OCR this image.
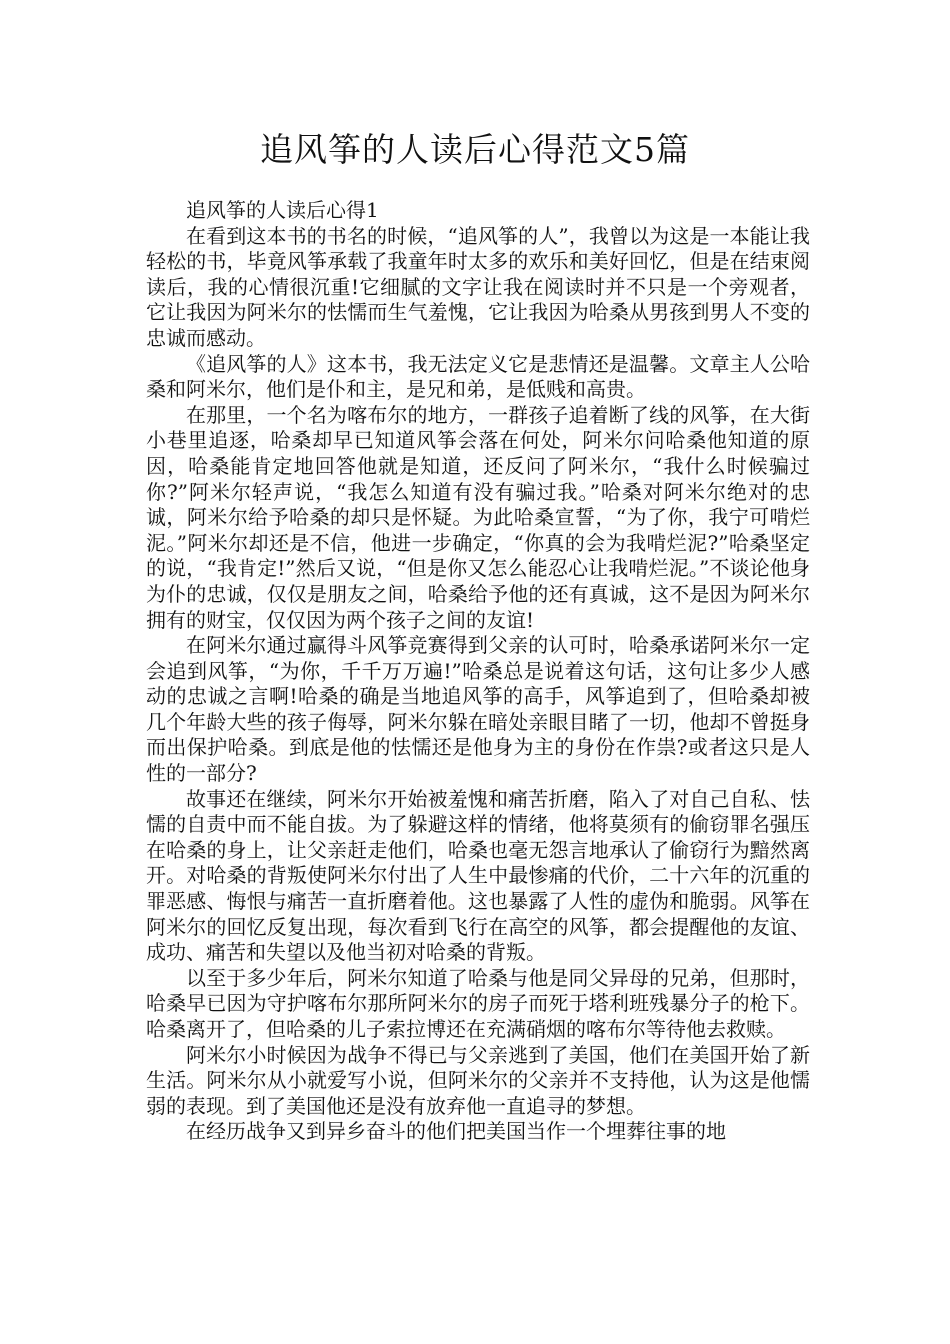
追风筝的人读后心得范文5篇

追风筝的人读后心得1

在看到这本书的书名的时候，“追风筝的人”，我曾以为这是一本能让我轻松的书，毕竟风筝承载了我童年时太多的欢乐和美好回忆，但是在结束阅读后，我的心情很沉重!它细腻的文字让我在阅读时并不只是一个旁观者，它让我因为阿米尔的怯懦而生气羞愧，它让我因为哈桑从男孩到男人不变的忠诚而感动。

《追风筝的人》这本书，我无法定义它是悲情还是温馨。文章主人公哈桑和阿米尔，他们是仆和主，是兄和弟，是低贱和高贵。

在那里，一个名为喀布尔的地方，一群孩子追着断了线的风筝，在大街小巷里追逐，哈桑却早已知道风筝会落在何处，阿米尔问哈桑他知道的原因，哈桑能肯定地回答他就是知道，还反问了阿米尔，“我什么时候骗过你?”阿米尔轻声说，“我怎么知道有没有骗过我。”哈桑对阿米尔绝对的忠诚，阿米尔给予哈桑的却只是怀疑。为此哈桑宣誓，“为了你，我宁可啃烂泥。”阿米尔却还是不信，他进一步确定，“你真的会为我啃烂泥?”哈桑坚定的说，“我肯定!”然后又说，“但是你又怎么能忍心让我啃烂泥。”不谈论他身为仆的忠诚，仅仅是朋友之间，哈桑给予他的还有真诚，这不是因为阿米尔拥有的财宝，仅仅因为两个孩子之间的友谊!

在阿米尔通过赢得斗风筝竞赛得到父亲的认可时，哈桑承诺阿米尔一定会追到风筝，“为你，千千万万遍!”哈桑总是说着这句话，这句让多少人感动的忠诚之言啊!哈桑的确是当地追风筝的高手，风筝追到了，但哈桑却被几个年龄大些的孩子侮辱，阿米尔躲在暗处亲眼目睹了一切，他却不曾挺身而出保护哈桑。到底是他的怯懦还是他身为主的身份在作祟?或者这只是人性的一部分?

故事还在继续，阿米尔开始被羞愧和痛苦折磨，陷入了对自己自私、怯懦的自责中而不能自拔。为了躲避这样的情绪，他将莫须有的偷窃罪名强压在哈桑的身上，让父亲赶走他们，哈桑也毫无怨言地承认了偷窃行为黯然离开。对哈桑的背叛使阿米尔付出了人生中最惨痛的代价，二十六年的沉重的罪恶感、悔恨与痛苦一直折磨着他。这也暴露了人性的虚伪和脆弱。风筝在阿米尔的回忆反复出现，每次看到飞行在高空的风筝，都会提醒他的友谊、成功、痛苦和失望以及他当初对哈桑的背叛。

以至于多少年后，阿米尔知道了哈桑与他是同父异母的兄弟，但那时，哈桑早已因为守护喀布尔那所阿米尔的房子而死于塔利班残暴分子的枪下。哈桑离开了，但哈桑的儿子索拉博还在充满硝烟的喀布尔等待他去救赎。

阿米尔小时候因为战争不得已与父亲逃到了美国，他们在美国开始了新生活。阿米尔从小就爱写小说，但阿米尔的父亲并不支持他，认为这是他懦弱的表现。到了美国他还是没有放弃他一直追寻的梦想。

在经历战争又到异乡奋斗的他们把美国当作一个埋葬往事的地
